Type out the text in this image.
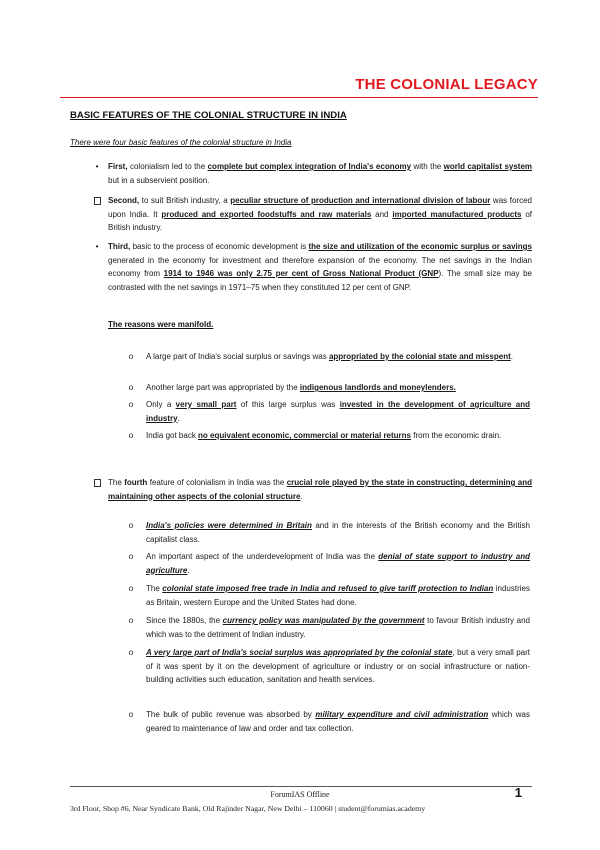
THE COLONIAL LEGACY
BASIC FEATURES OF THE COLONIAL STRUCTURE IN INDIA
There were four basic features of the colonial structure in India
•	First, colonialism led to the complete but complex integration of India's economy with the world capitalist system but in a subservient position.
Second, to suit British industry, a peculiar structure of production and international division of labour was forced upon India. It produced and exported foodstuffs and raw materials and imported manufactured products of British industry.
•	Third, basic to the process of economic development is the size and utilization of the economic surplus or savings generated in the economy for investment and therefore expansion of the economy. The net savings in the Indian economy from 1914 to 1946 was only 2.75 per cent of Gross National Product (GNP). The small size may be contrasted with the net savings in 1971–75 when they constituted 12 per cent of GNP.
The reasons were manifold.
o	A large part of India's social surplus or savings was appropriated by the colonial state and misspent.
o	Another large part was appropriated by the indigenous landlords and moneylenders.
o	Only a very small part of this large surplus was invested in the development of agriculture and industry.
o	India got back no equivalent economic, commercial or material returns from the economic drain.
The fourth feature of colonialism in India was the crucial role played by the state in constructing, determining and maintaining other aspects of the colonial structure.
o	India's policies were determined in Britain and in the interests of the British economy and the British capitalist class.
o	An important aspect of the underdevelopment of India was the denial of state support to industry and agriculture.
o	The colonial state imposed free trade in India and refused to give tariff protection to Indian industries as Britain, western Europe and the United States had done.
o	Since the 1880s, the currency policy was manipulated by the government to favour British industry and which was to the detriment of Indian industry.
o	A very large part of India's social surplus was appropriated by the colonial state, but a very small part of it was spent by it on the development of agriculture or industry or on social infrastructure or nation-building activities such education, sanitation and health services.
o	The bulk of public revenue was absorbed by military expenditure and civil administration which was geared to maintenance of law and order and tax collection.
ForumIAS Offline	1
3rd Floor, Shop #6, Near Syndicate Bank, Old Rajinder Nagar, New Delhi – 110060 | student@forumias.academy
